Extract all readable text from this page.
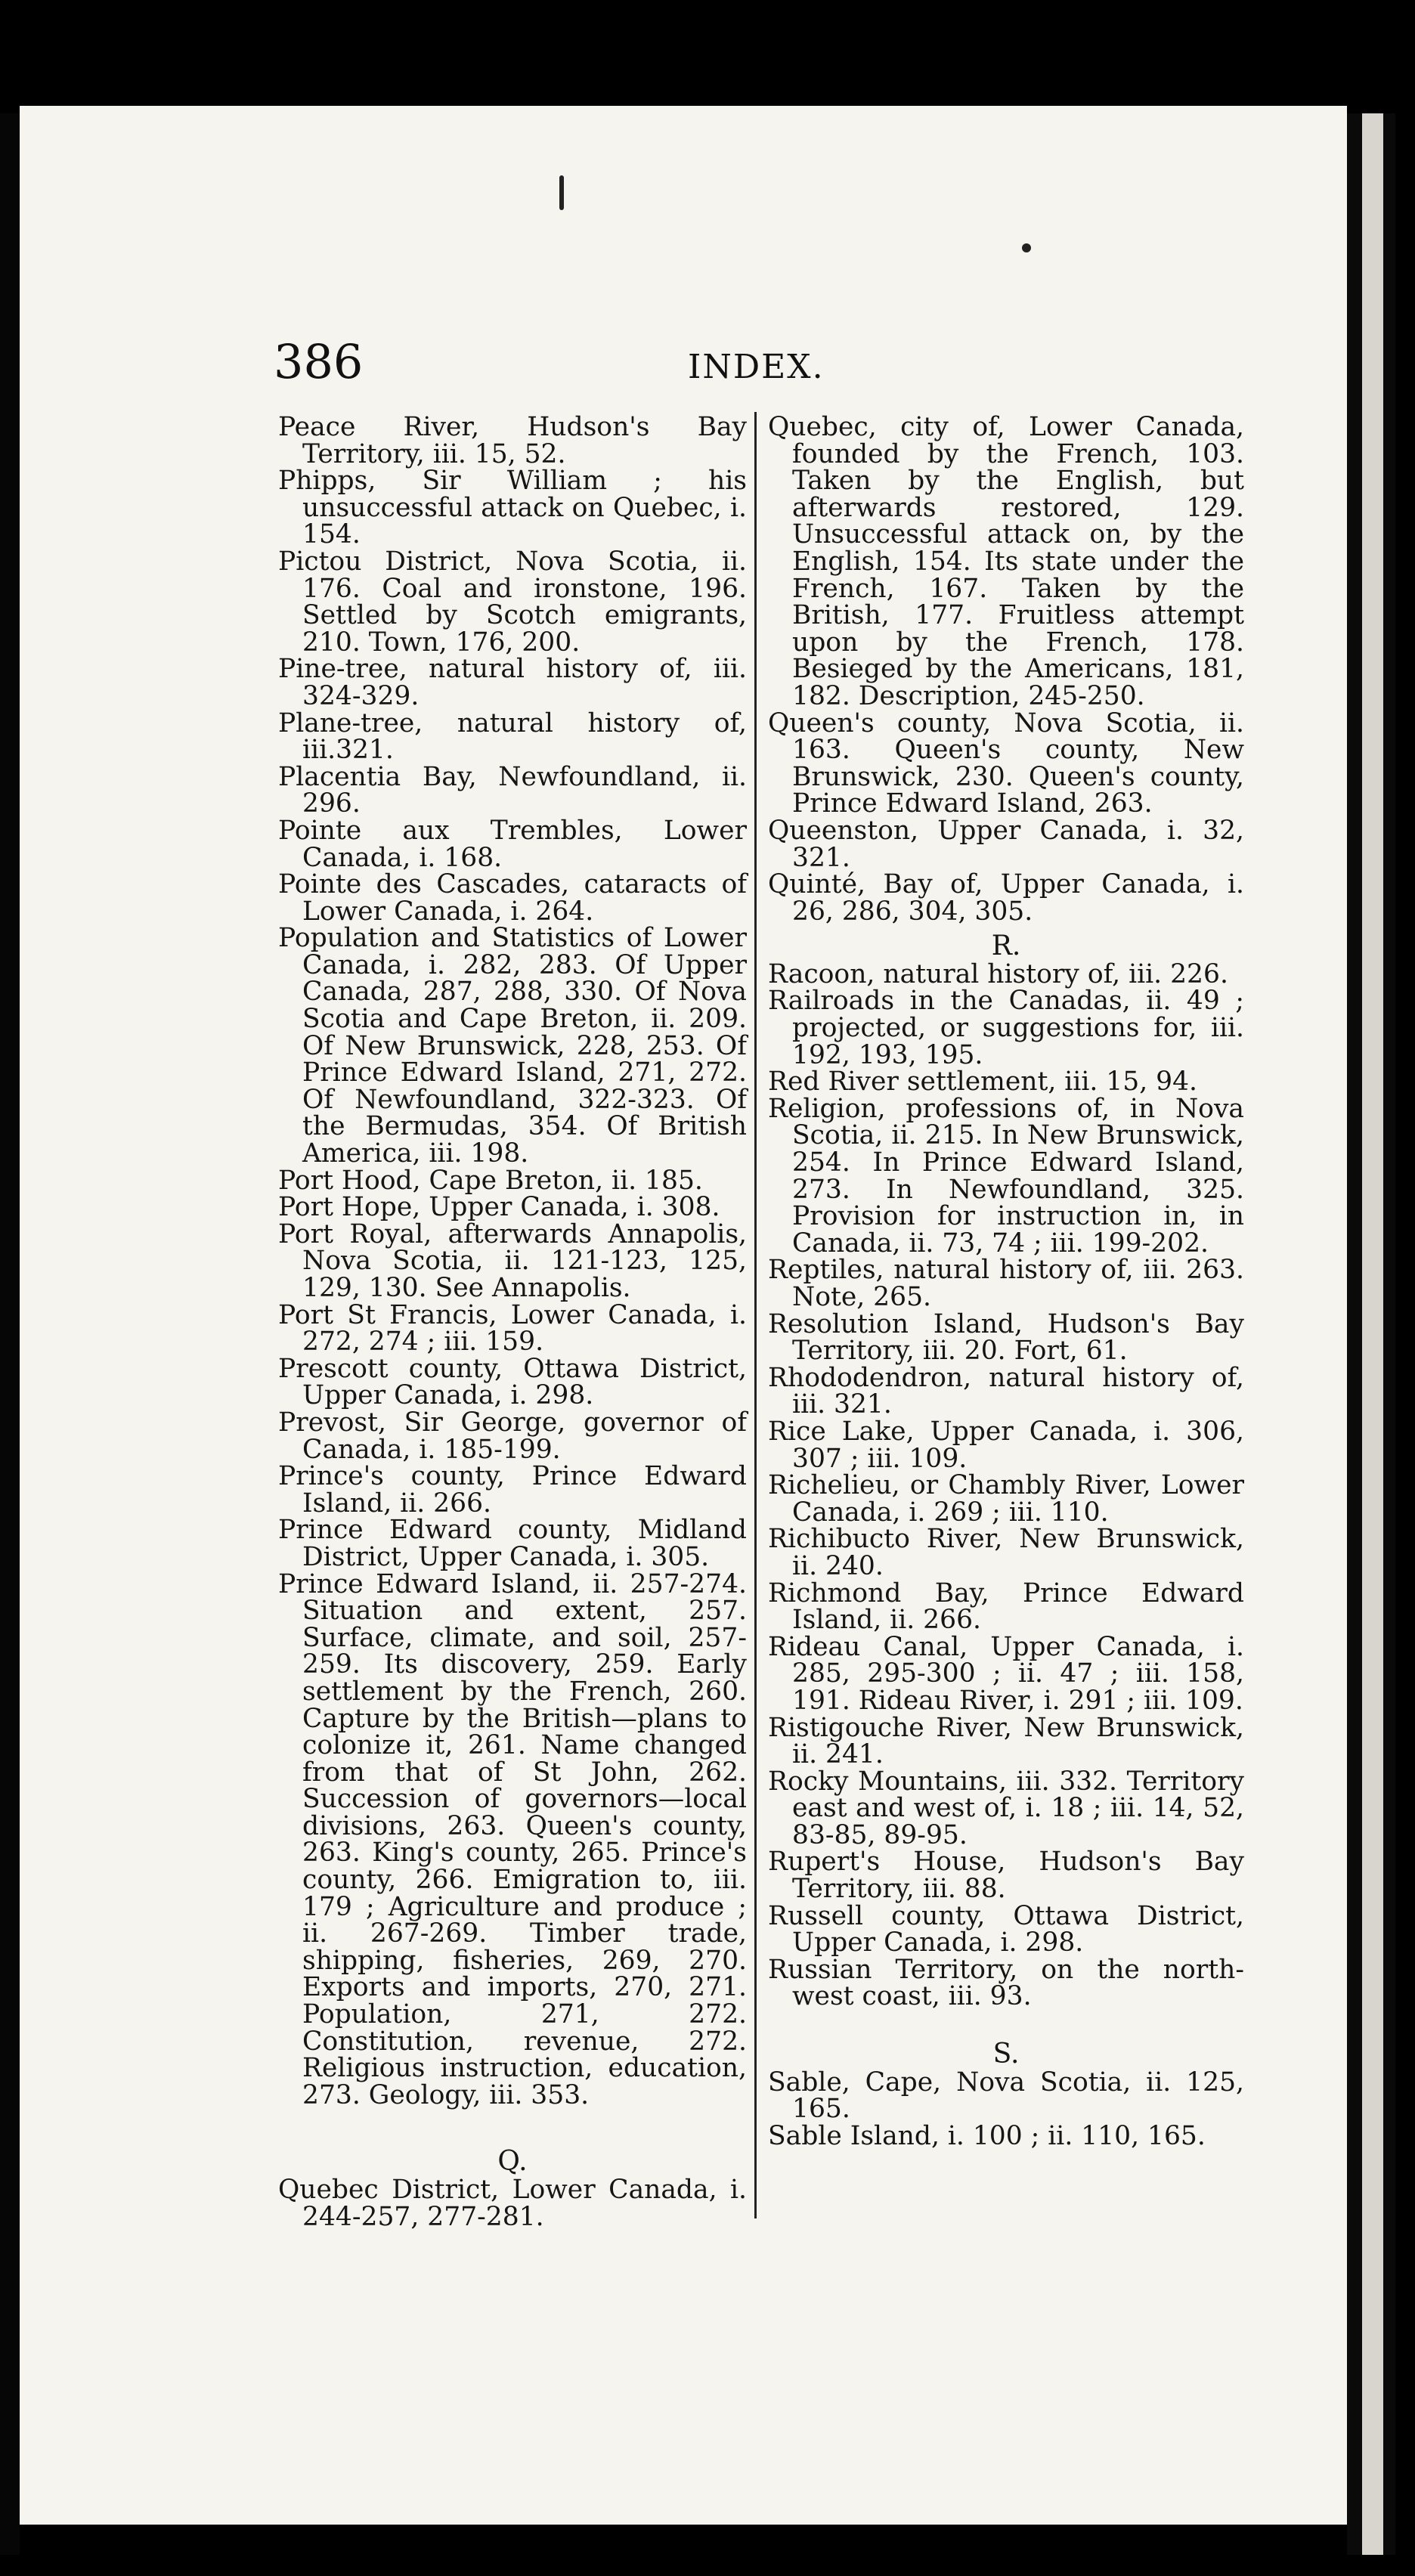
386	INDEX.

Peace River, Hudson's Bay Territory, iii. 15, 52.

Phipps, Sir William ; his unsuccessful attack on Quebec, i. 154.

Pictou District, Nova Scotia, ii. 176. Coal and ironstone, 196. Settled by Scotch emigrants, 210. Town, 176, 200.

Pine-tree, natural history of, iii. 324-329.

Plane-tree, natural history of, iii.321.

Placentia Bay, Newfoundland, ii. 296.

Pointe aux Trembles, Lower Canada, i. 168.

Pointe des Cascades, cataracts of Lower Canada, i. 264.

Population and Statistics of Lower Canada, i. 282, 283. Of Upper Canada, 287, 288, 330. Of Nova Scotia and Cape Breton, ii. 209. Of New Brunswick, 228, 253. Of Prince Edward Island, 271, 272. Of Newfoundland, 322-323. Of the Bermudas, 354. Of British America, iii. 198.

Port Hood, Cape Breton, ii. 185.

Port Hope, Upper Canada, i. 308.

Port Royal, afterwards Annapolis, Nova Scotia, ii. 121-123, 125, 129, 130. See Annapolis.

Port St Francis, Lower Canada, i. 272, 274 ; iii. 159.

Prescott county, Ottawa District, Upper Canada, i. 298.

Prevost, Sir George, governor of Canada, i. 185-199.

Prince's county, Prince Edward Island, ii. 266.

Prince Edward county, Midland District, Upper Canada, i. 305.

Prince Edward Island, ii. 257-274. Situation and extent, 257. Surface, climate, and soil, 257-259. Its discovery, 259. Early settlement by the French, 260. Capture by the British—plans to colonize it, 261. Name changed from that of St John, 262. Succession of governors—local divisions, 263. Queen's county, 263. King's county, 265. Prince's county, 266. Emigration to, iii. 179 ; Agriculture and produce ; ii. 267-269. Timber trade, shipping, fisheries, 269, 270. Exports and imports, 270, 271. Population, 271, 272. Constitution, revenue, 272. Religious instruction, education, 273. Geology, iii. 353.

Q.

Quebec District, Lower Canada, i. 244-257, 277-281.

Quebec, city of, Lower Canada, founded by the French, 103. Taken by the English, but afterwards restored, 129. Unsuccessful attack on, by the English, 154. Its state under the French, 167. Taken by the British, 177. Fruitless attempt upon by the French, 178. Besieged by the Americans, 181, 182. Description, 245-250.

Queen's county, Nova Scotia, ii. 163. Queen's county, New Brunswick, 230. Queen's county, Prince Edward Island, 263.

Queenston, Upper Canada, i. 32, 321.

Quinté, Bay of, Upper Canada, i. 26, 286, 304, 305.

R.

Racoon, natural history of, iii. 226.

Railroads in the Canadas, ii. 49 ; projected, or suggestions for, iii. 192, 193, 195.

Red River settlement, iii. 15, 94.

Religion, professions of, in Nova Scotia, ii. 215. In New Brunswick, 254. In Prince Edward Island, 273. In Newfoundland, 325. Provision for instruction in, in Canada, ii. 73, 74 ; iii. 199-202.

Reptiles, natural history of, iii. 263. Note, 265.

Resolution Island, Hudson's Bay Territory, iii. 20. Fort, 61.

Rhododendron, natural history of, iii. 321.

Rice Lake, Upper Canada, i. 306, 307 ; iii. 109.

Richelieu, or Chambly River, Lower Canada, i. 269 ; iii. 110.

Richibucto River, New Brunswick, ii. 240.

Richmond Bay, Prince Edward Island, ii. 266.

Rideau Canal, Upper Canada, i. 285, 295-300 ; ii. 47 ; iii. 158, 191. Rideau River, i. 291 ; iii. 109.

Ristigouche River, New Brunswick, ii. 241.

Rocky Mountains, iii. 332. Territory east and west of, i. 18 ; iii. 14, 52, 83-85, 89-95.

Rupert's House, Hudson's Bay Territory, iii. 88.

Russell county, Ottawa District, Upper Canada, i. 298.

Russian Territory, on the north-west coast, iii. 93.

S.

Sable, Cape, Nova Scotia, ii. 125, 165.

Sable Island, i. 100 ; ii. 110, 165.
